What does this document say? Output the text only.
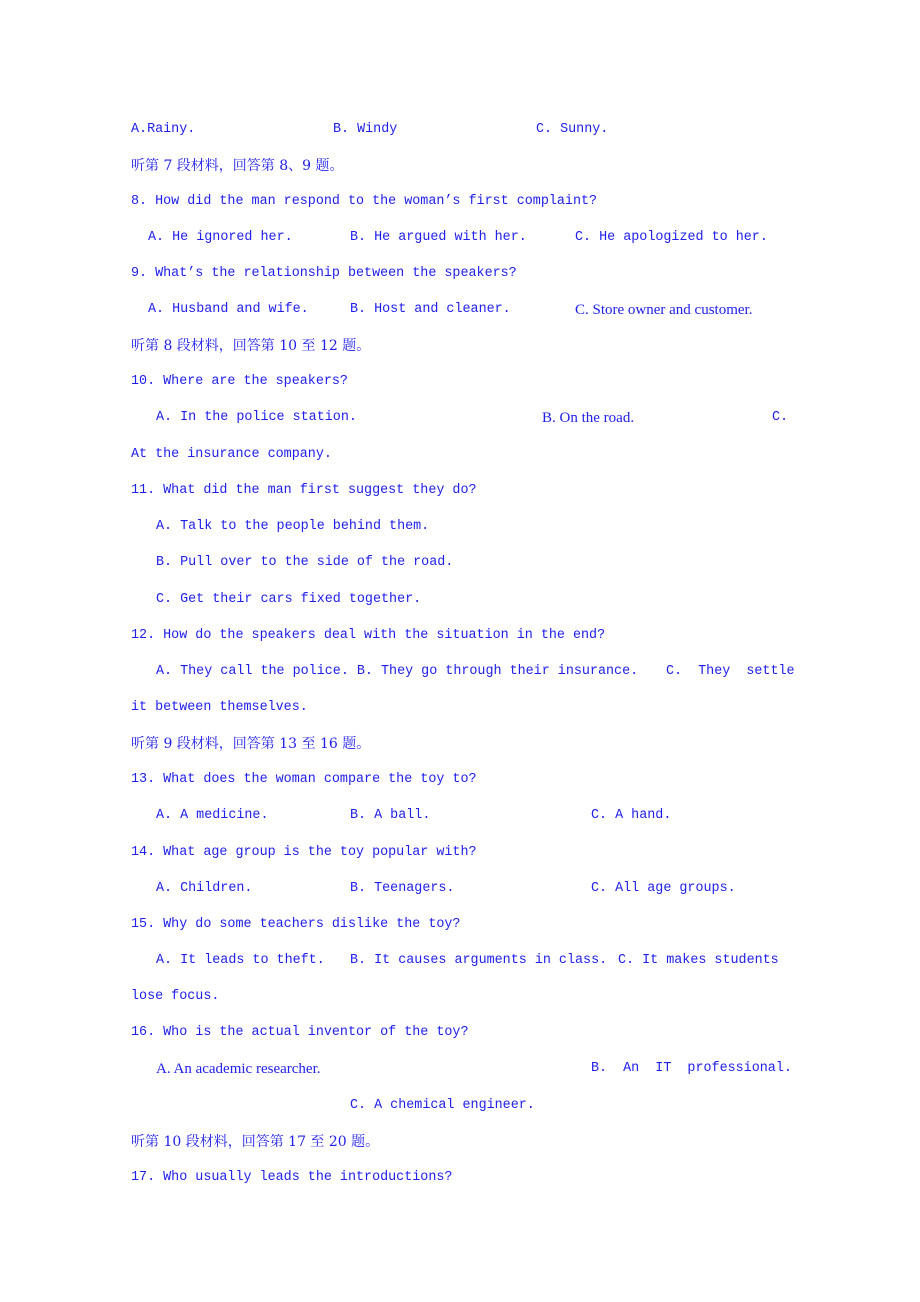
A.Rainy.

	B. Windy

	C. Sunny.

听第 7 段材料，回答第 8、9 题。
8. How did the man respond to the woman’s first complaint?

A. He ignored her.

	B. He argued with her.

	C. He apologized to her.

9. What’s the relationship between the speakers?

A. Husband and wife.

	B. Host and cleaner.

	C. Store owner and customer.

听第 8 段材料，回答第 10 至 12 题。
10. Where are the speakers?

A. In the police station.

	B. On the road.

	C.

At the insurance company.
11. What did the man first suggest they do?
A. Talk to the people behind them.
B. Pull over to the side of the road.
C. Get their cars fixed together.
12. How do the speakers deal with the situation in the end?

A. They call the police. B. They go through their insurance.

C.  They  settle

it between themselves.
听第 9 段材料，回答第 13 至 16 题。
13. What does the woman compare the toy to?

A. A medicine.

	B. A ball.

	C. A hand.

14. What age group is the toy popular with?

A. Children.

	B. Teenagers.

	C. All age groups.

15. Why do some teachers dislike the toy?

A. It leads to theft.

B. It causes arguments in class.

C. It makes students

lose focus.
16. Who is the actual inventor of the toy?

A. An academic researcher.

	B.  An  IT  professional.

C. A chemical engineer.
听第 10 段材料，回答第 17 至 20 题。
17. Who usually leads the introductions?
